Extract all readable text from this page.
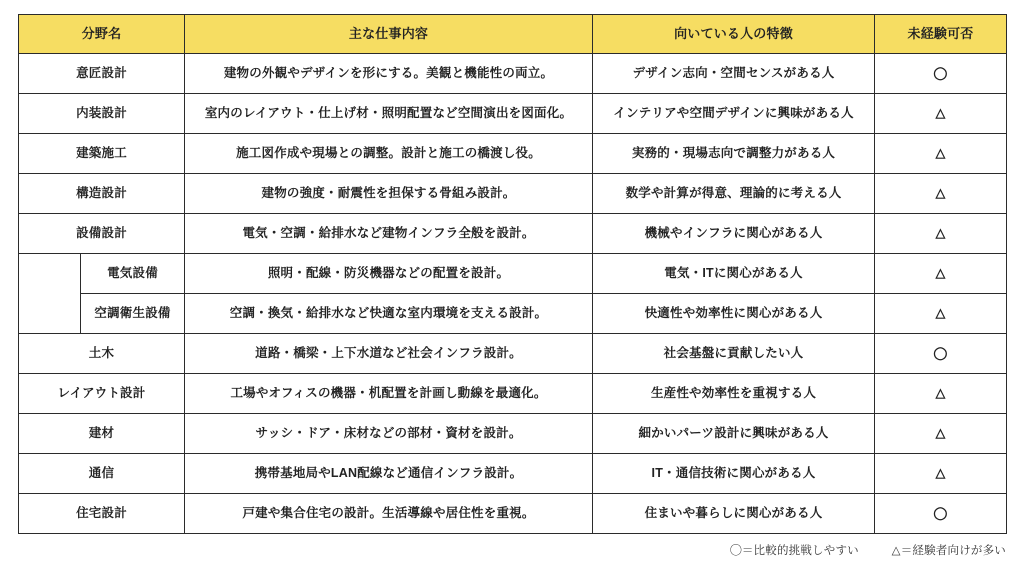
分野名		主な仕事内容	向いている人の特徴	未経験可否
意匠設計		建物の外観やデザインを形にする。美観と機能性の両立。	デザイン志向・空間センスがある人	◯
内装設計		室内のレイアウト・仕上げ材・照明配置など空間演出を図面化。	インテリアや空間デザインに興味がある人	△
建築施工		施工図作成や現場との調整。設計と施工の橋渡し役。	実務的・現場志向で調整力がある人	△
構造設計		建物の強度・耐震性を担保する骨組み設計。	数学や計算が得意、理論的に考える人	△
設備設計		電気・空調・給排水など建物インフラ全般を設計。	機械やインフラに関心がある人	△
	電気設備	照明・配線・防災機器などの配置を設計。	電気・ITに関心がある人	△
	空調衛生設備	空調・換気・給排水など快適な室内環境を支える設計。	快適性や効率性に関心がある人	△
土木		道路・橋梁・上下水道など社会インフラ設計。	社会基盤に貢献したい人	◯
レイアウト設計		工場やオフィスの機器・机配置を計画し動線を最適化。	生産性や効率性を重視する人	△
建材		サッシ・ドア・床材などの部材・資材を設計。	細かいパーツ設計に興味がある人	△
通信		携帯基地局やLAN配線など通信インフラ設計。	IT・通信技術に関心がある人	△
住宅設計		戸建や集合住宅の設計。生活導線や居住性を重視。	住まいや暮らしに関心がある人	◯
◯＝比較的挑戦しやすい	△＝経験者向けが多い
